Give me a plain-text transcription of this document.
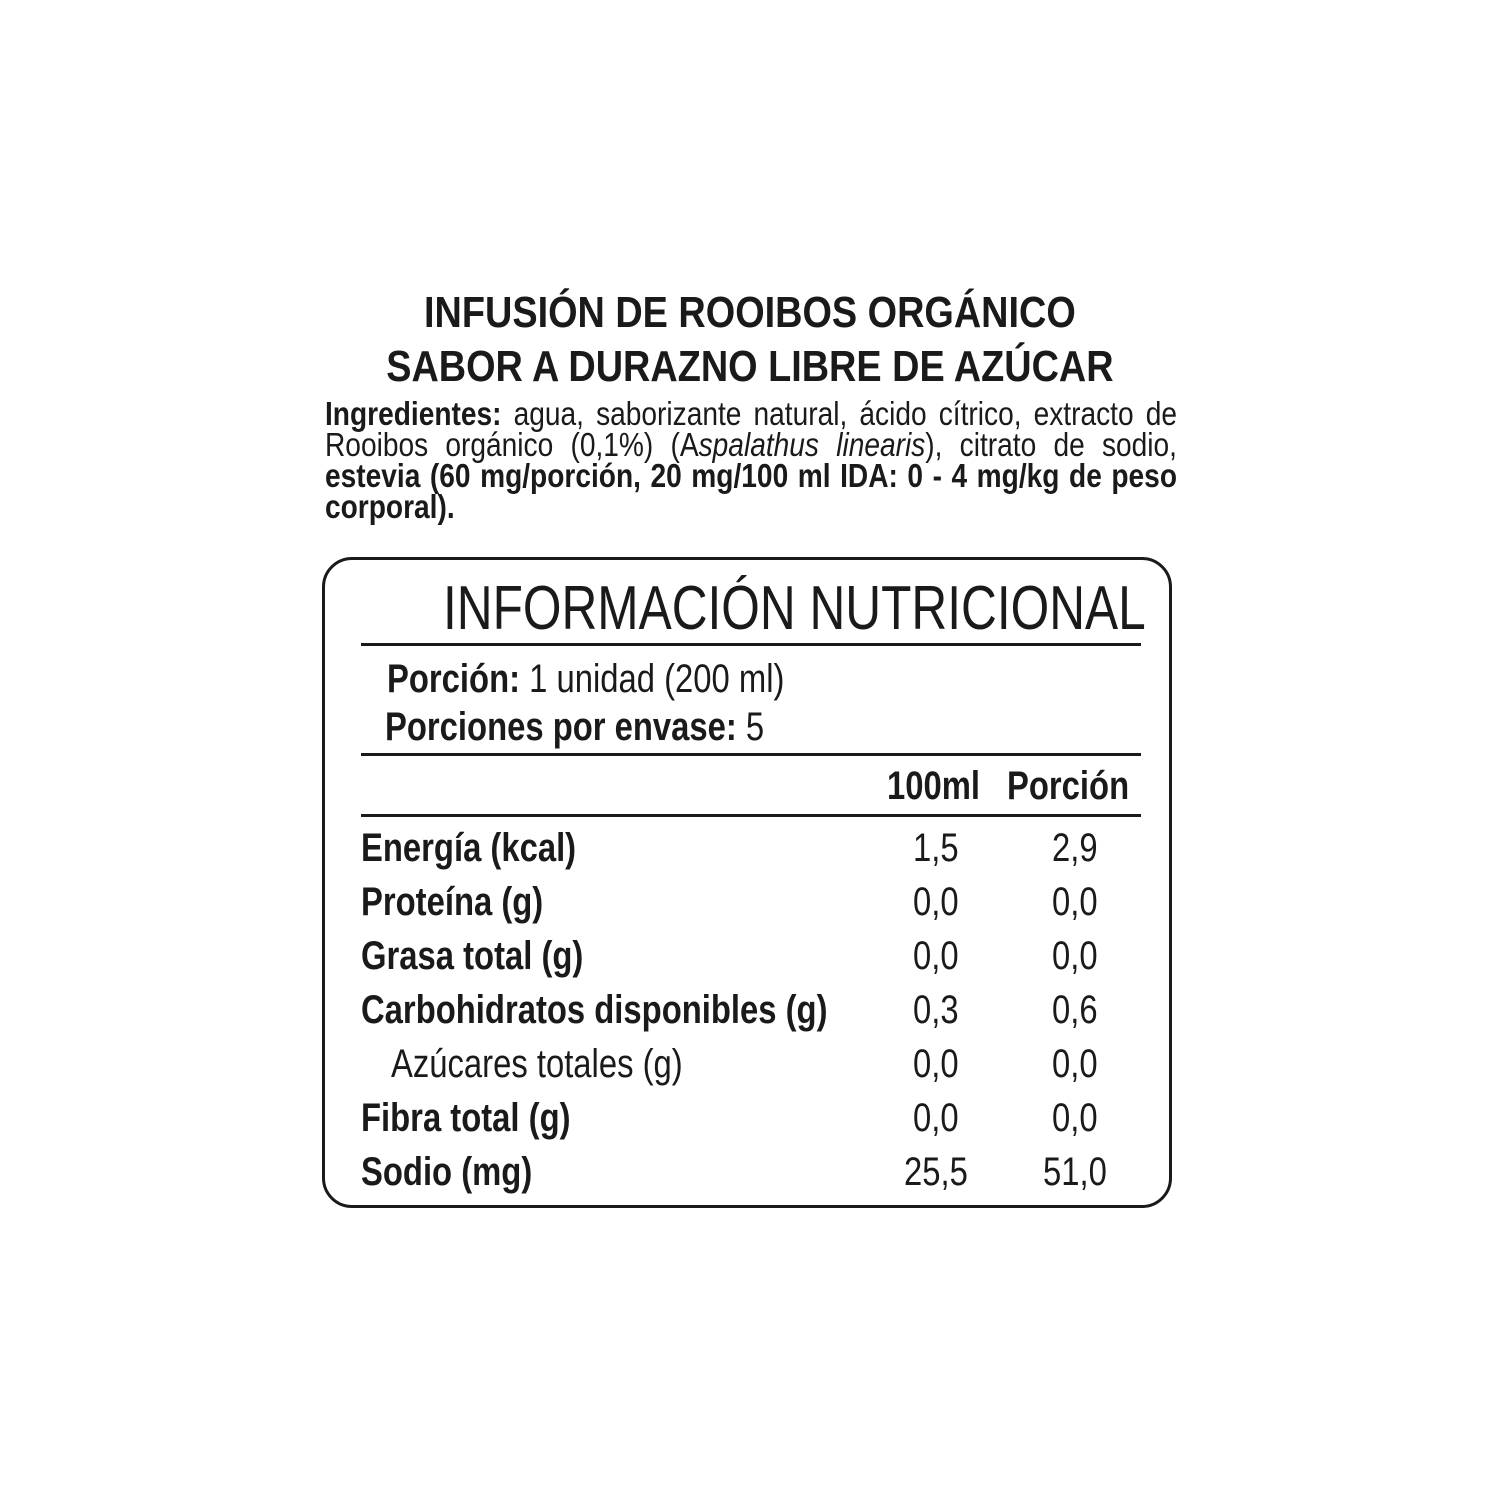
INFUSIÓN DE ROOIBOS ORGÁNICO
SABOR A DURAZNO LIBRE DE AZÚCAR
Ingredientes: agua, saborizante natural, ácido cítrico, extracto de Rooibos orgánico (0,1%) (Aspalathus linearis), citrato de sodio, estevia (60 mg/porción, 20 mg/100 ml IDA: 0 - 4 mg/kg de peso corporal).
INFORMACIÓN NUTRICIONAL
Porción: 1 unidad (200 ml)
Porciones por envase: 5
100ml Porción
Energía (kcal)	1,5	2,9
Proteína (g)	0,0	0,0
Grasa total (g)	0,0	0,0
Carbohidratos disponibles (g)	0,3	0,6
Azúcares totales (g)	0,0	0,0
Fibra total (g)	0,0	0,0
Sodio (mg)	25,5	51,0
